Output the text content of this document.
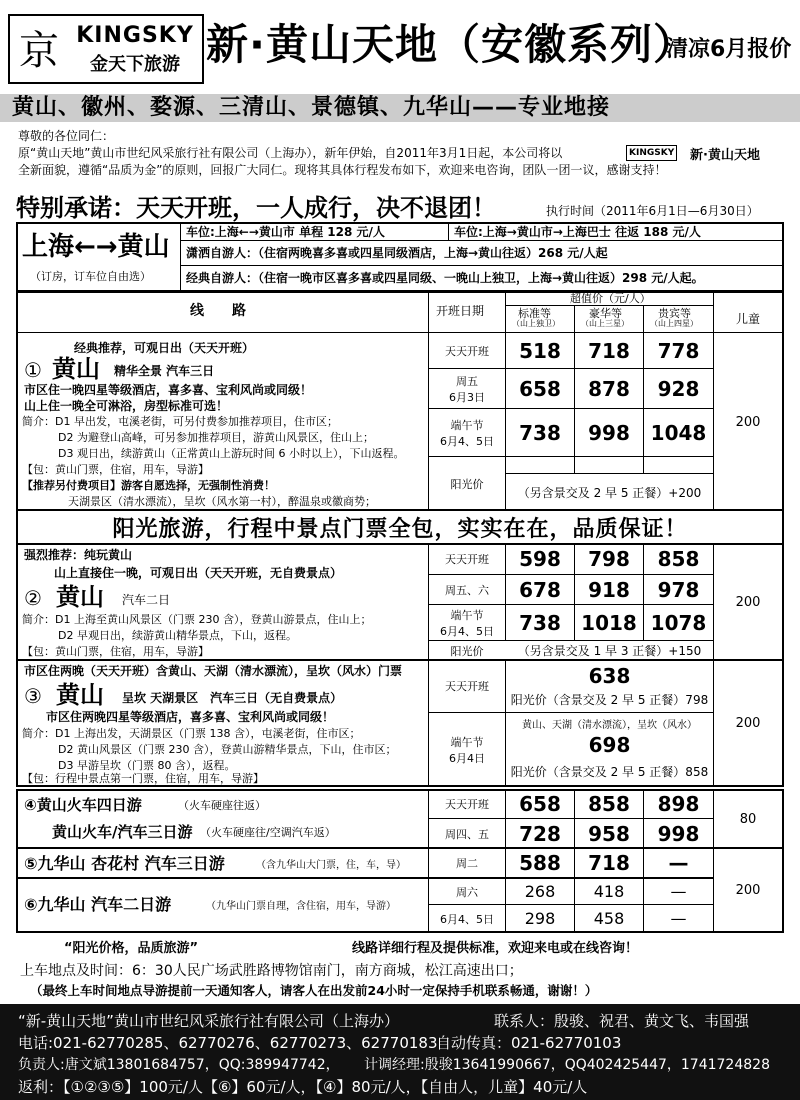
京 KINGSKY
金天下旅游 新·黄山天地（安徽系列）
清凉6月报价
黄山、徽州、婺源、三清山、景德镇、九华山——专业地接
尊敬的各位同仁：
原“黄山天地”黄山市世纪风采旅行社有限公司（上海办），新年伊始，自2011年3月1日起，本公司将以	KINGSKY 新·黄山天地
全新面貌，遵循“品质为金”的原则，回报广大同仁。现将其具体行程发布如下，欢迎来电咨询，团队一团一议，感谢支持！
特别承诺：天天开班，一人成行，决不退团！	执行时间（2011年6月1日—6月30日）
上海←→黄山
（订房，订车位自由选）
车位:上海←→黄山市 单程 128 元/人	车位:上海→黄山市→上海巴士 往返 188 元/人
潇洒自游人：（住宿两晚喜多喜或四星同级酒店，上海→黄山往返）268 元/人起
经典自游人：（住宿一晚市区喜多喜或四星同级、一晚山上独卫，上海→黄山往返）298 元/人起。
线　　路	开班日期
超值价（元/人）
标准等
（山上独卫）
豪华等
（山上三星）
贵宾等
（山上四星）	儿童
经典推荐，可观日出（天天开班）
① 黄山 精华全景 汽车三日
市区住一晚四星等级酒店，喜多喜、宝利风尚或同级！
山上住一晚全可淋浴，房型标准可选！
简介：D1 早出发，屯溪老街，可另付费参加推荐项目，住市区；
D2 为避登山高峰，可另参加推荐项目，游黄山风景区，住山上；
D3 观日出，续游黄山（正常黄山上游玩时间 6 小时以上），下山返程。
【包：黄山门票，住宿，用车，导游】
【推荐另付费项目】游客自愿选择，无强制性消费！
天湖景区（清水漂流），呈坎（风水第一村），醉温泉或徽商势；
天天开班	518	718	778
周五
6月3日	658	878	928
端午节
6月4、5日	738	998	1048
阳光价
（另含景交及 2 早 5 正餐）+200
200
阳光旅游，行程中景点门票全包，实实在在，品质保证！
强烈推荐：纯玩黄山
山上直接住一晚，可观日出（天天开班，无自费景点）
② 黄山 汽车二日
简介：D1 上海至黄山风景区（门票 230 含），登黄山游景点，住山上；
D2 早观日出，续游黄山精华景点，下山，返程。
【包：黄山门票，住宿，用车，导游】
天天开班	598	798	858
周五、六	678	918	978
端午节
6月4、5日	738	1018 1078
阳光价	（另含景交及 1 早 3 正餐）+150
200
市区住两晚（天天开班）含黄山、天湖（清水漂流），呈坎（风水）门票
③ 黄山 呈坎 天湖景区　汽车三日（无自费景点）
市区住两晚四星等级酒店，喜多喜、宝利风尚或同级！
简介：D1 上海出发，天湖景区（门票 138 含），屯溪老街，住市区；
D2 黄山风景区（门票 230 含），登黄山游精华景点，下山，住市区；
D3 早游呈坎（门票 80 含），返程。
【包：行程中景点第一门票，住宿，用车，导游】
天天开班	638
阳光价（含景交及 2 早 5 正餐）798
端午节
6月4日
黄山、天湖（清水漂流），呈坎（风水）
698
阳光价（含景交及 2 早 5 正餐）858
200
④黄山火车四日游	（火车硬座往返）
黄山火车/汽车三日游 （火车硬座往/空调汽车返）
天天开班	658	858	898
周四、五	728	958	998
80
⑤九华山 杏花村 汽车三日游	（含九华山大门票，住，车，导）	周二	588	718	—
⑥九华山 汽车二日游	（九华山门票自理，含住宿，用车，导游）
周六	268	418	—
6月4、5日	298	458	—
200
“阳光价格，品质旅游”	线路详细行程及提供标准，欢迎来电或在线咨询！
上车地点及时间：6：30人民广场武胜路博物馆南门，南方商城，松江高速出口；
（最终上车时间地点导游提前一天通知客人，请客人在出发前24小时一定保持手机联系畅通，谢谢！）
“新-黄山天地”黄山市世纪风采旅行社有限公司（上海办）	联系人：殷骏、祝君、黄文飞、韦国强
电话:021-62770285、62770276、62770273、62770183
自动传真：021-62770103
负责人:唐文斌13801684757，QQ:389947742， 计调经理:殷骏13641990667，QQ402425447，1741724828
返利：【①②③⑤】100元/人【⑥】60元/人，【④】80元/人，【自由人，儿童】40元/人
